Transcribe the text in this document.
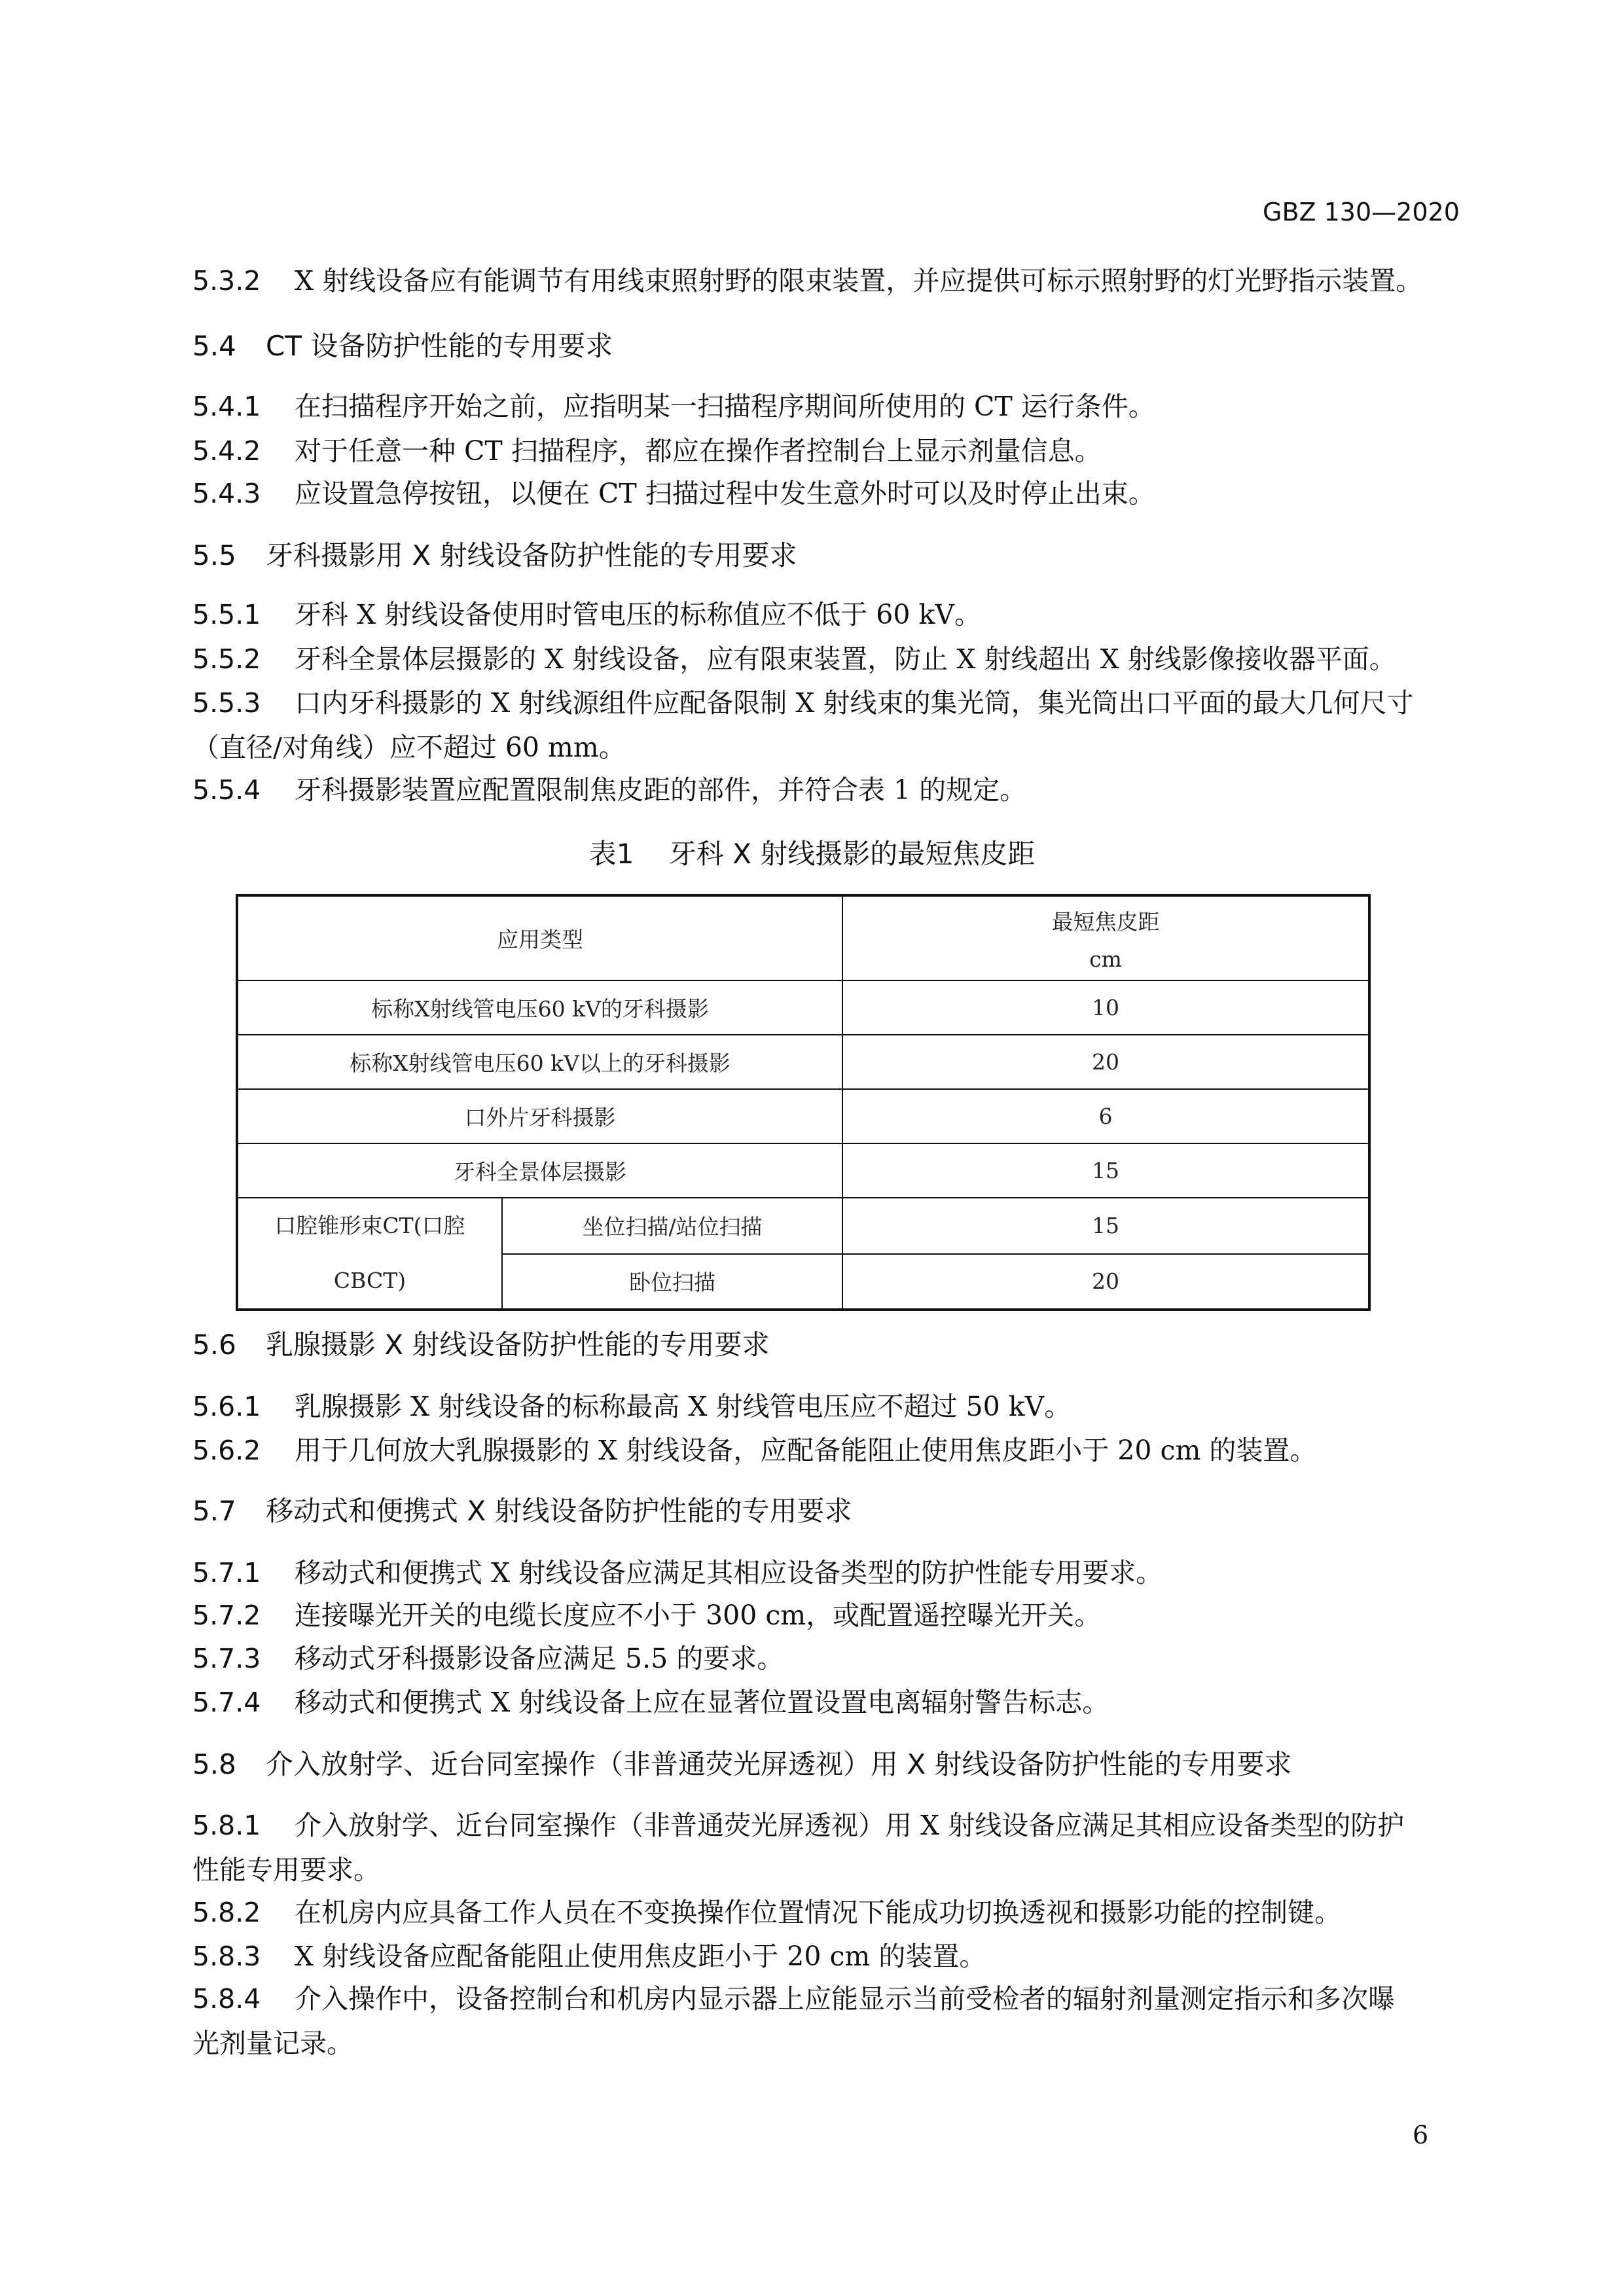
GBZ 130—2020
5.3.2 X 射线设备应有能调节有用线束照射野的限束装置，并应提供可标示照射野的灯光野指示装置。
5.4 CT 设备防护性能的专用要求
5.4.1 在扫描程序开始之前，应指明某一扫描程序期间所使用的 CT 运行条件。
5.4.2 对于任意一种 CT 扫描程序，都应在操作者控制台上显示剂量信息。
5.4.3 应设置急停按钮，以便在 CT 扫描过程中发生意外时可以及时停止出束。
5.5 牙科摄影用 X 射线设备防护性能的专用要求
5.5.1 牙科 X 射线设备使用时管电压的标称值应不低于 60 kV。
5.5.2 牙科全景体层摄影的 X 射线设备，应有限束装置，防止 X 射线超出 X 射线影像接收器平面。
5.5.3 口内牙科摄影的 X 射线源组件应配备限制 X 射线束的集光筒，集光筒出口平面的最大几何尺寸
（直径/对角线）应不超过 60 mm。
5.5.4 牙科摄影装置应配置限制焦皮距的部件，并符合表 1 的规定。
表1 牙科 X 射线摄影的最短焦皮距
应用类型		最短焦皮距
cm

标称X射线管电压60 kV的牙科摄影		10
标称X射线管电压60 kV以上的牙科摄影		20
口外片牙科摄影		6
牙科全景体层摄影		15
口腔锥形束CT(口腔
CBCT)	坐位扫描/站位扫描	15
	卧位扫描	20
5.6 乳腺摄影 X 射线设备防护性能的专用要求
5.6.1 乳腺摄影 X 射线设备的标称最高 X 射线管电压应不超过 50 kV。
5.6.2 用于几何放大乳腺摄影的 X 射线设备，应配备能阻止使用焦皮距小于 20 cm 的装置。
5.7 移动式和便携式 X 射线设备防护性能的专用要求
5.7.1 移动式和便携式 X 射线设备应满足其相应设备类型的防护性能专用要求。
5.7.2 连接曝光开关的电缆长度应不小于 300 cm，或配置遥控曝光开关。
5.7.3 移动式牙科摄影设备应满足 5.5 的要求。
5.7.4 移动式和便携式 X 射线设备上应在显著位置设置电离辐射警告标志。
5.8 介入放射学、近台同室操作（非普通荧光屏透视）用 X 射线设备防护性能的专用要求
5.8.1 介入放射学、近台同室操作（非普通荧光屏透视）用 X 射线设备应满足其相应设备类型的防护
性能专用要求。
5.8.2 在机房内应具备工作人员在不变换操作位置情况下能成功切换透视和摄影功能的控制键。
5.8.3 X 射线设备应配备能阻止使用焦皮距小于 20 cm 的装置。
5.8.4 介入操作中，设备控制台和机房内显示器上应能显示当前受检者的辐射剂量测定指示和多次曝
光剂量记录。
6
